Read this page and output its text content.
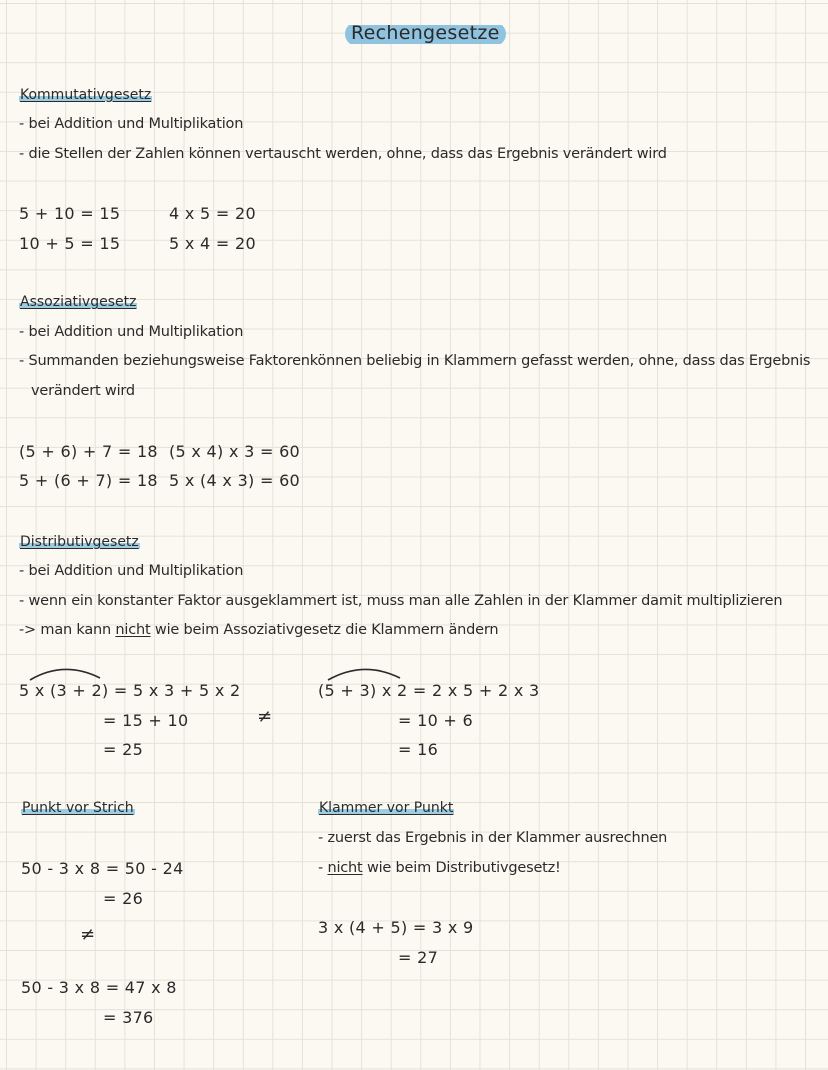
Rechengesetze
Kommutativgesetz
- bei Addition und Multiplikation
- die Stellen der Zahlen können vertauscht werden, ohne, dass das Ergebnis verändert wird
5 + 10 = 15
10 + 5 = 15
4 x 5 = 20
5 x 4 = 20
Assoziativgesetz
- bei Addition und Multiplikation
- Summanden beziehungsweise Faktorenkönnen beliebig in Klammern gefasst werden, ohne, dass das Ergebnis
verändert wird
(5 + 6) + 7 = 18
5 + (6 + 7) = 18
(5 x 4) x 3 = 60
5 x (4 x 3) = 60
Distributivgesetz
- bei Addition und Multiplikation
- wenn ein konstanter Faktor ausgeklammert ist, muss man alle Zahlen in der Klammer damit multiplizieren
-> man kann nicht wie beim Assoziativgesetz die Klammern ändern
5 x (3 + 2) = 5 x 3 + 5 x 2
= 15 + 10
= 25
≠
(5 + 3) x 2 = 2 x 5 + 2 x 3
= 10 + 6
= 16
Punkt vor Strich
50 - 3 x 8 = 50 - 24
= 26
≠
50 - 3 x 8 = 47 x 8
= 376
Klammer vor Punkt
- zuerst das Ergebnis in der Klammer ausrechnen
- nicht wie beim Distributivgesetz!
3 x (4 + 5) = 3 x 9
= 27
